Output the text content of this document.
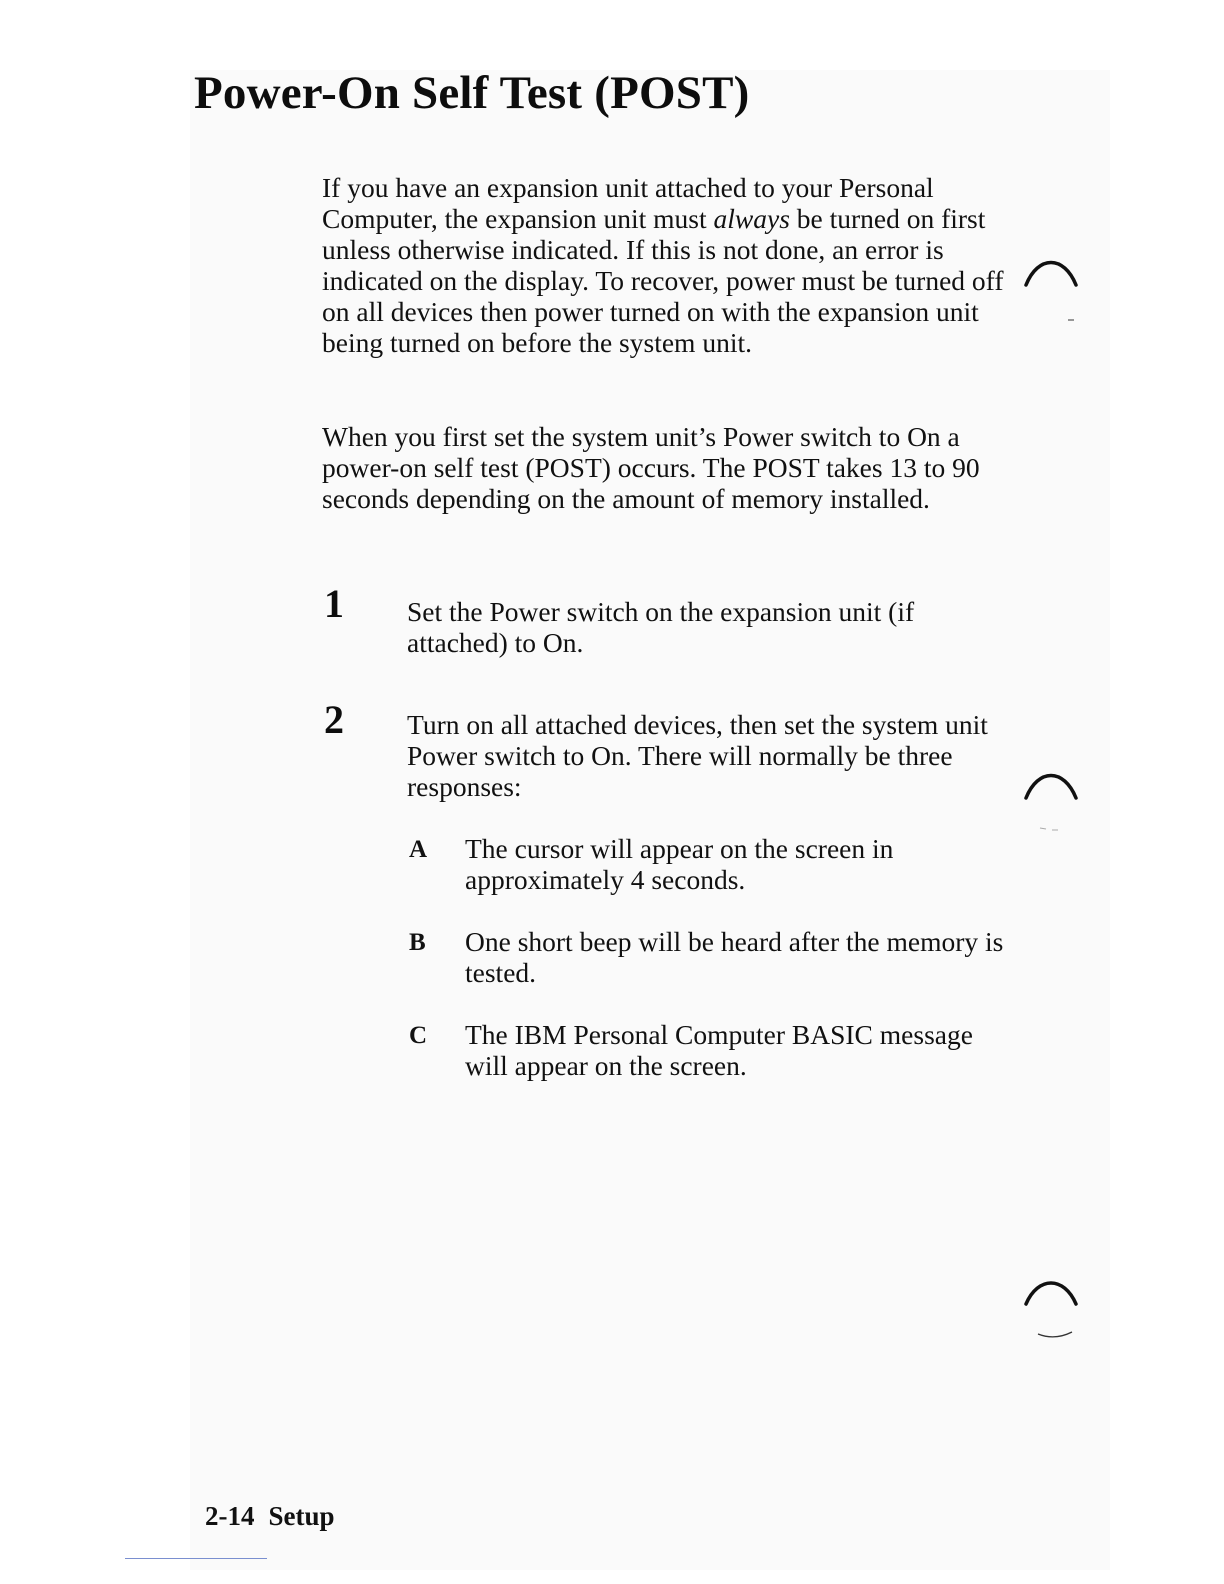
Power-On Self Test (POST)

If you have an expansion unit attached to your Personal Computer, the expansion unit must always be turned on first unless otherwise indicated. If this is not done, an error is indicated on the display. To recover, power must be turned off on all devices then power turned on with the expansion unit being turned on before the system unit.

When you first set the system unit’s Power switch to On a power-on self test (POST) occurs. The POST takes 13 to 90 seconds depending on the amount of memory installed.

1 Set the Power switch on the expansion unit (if attached) to On.

2 Turn on all attached devices, then set the system unit Power switch to On. There will normally be three responses:

A The cursor will appear on the screen in approximately 4 seconds.

B One short beep will be heard after the memory is tested.

C The IBM Personal Computer BASIC message will appear on the screen.

2-14 Setup
